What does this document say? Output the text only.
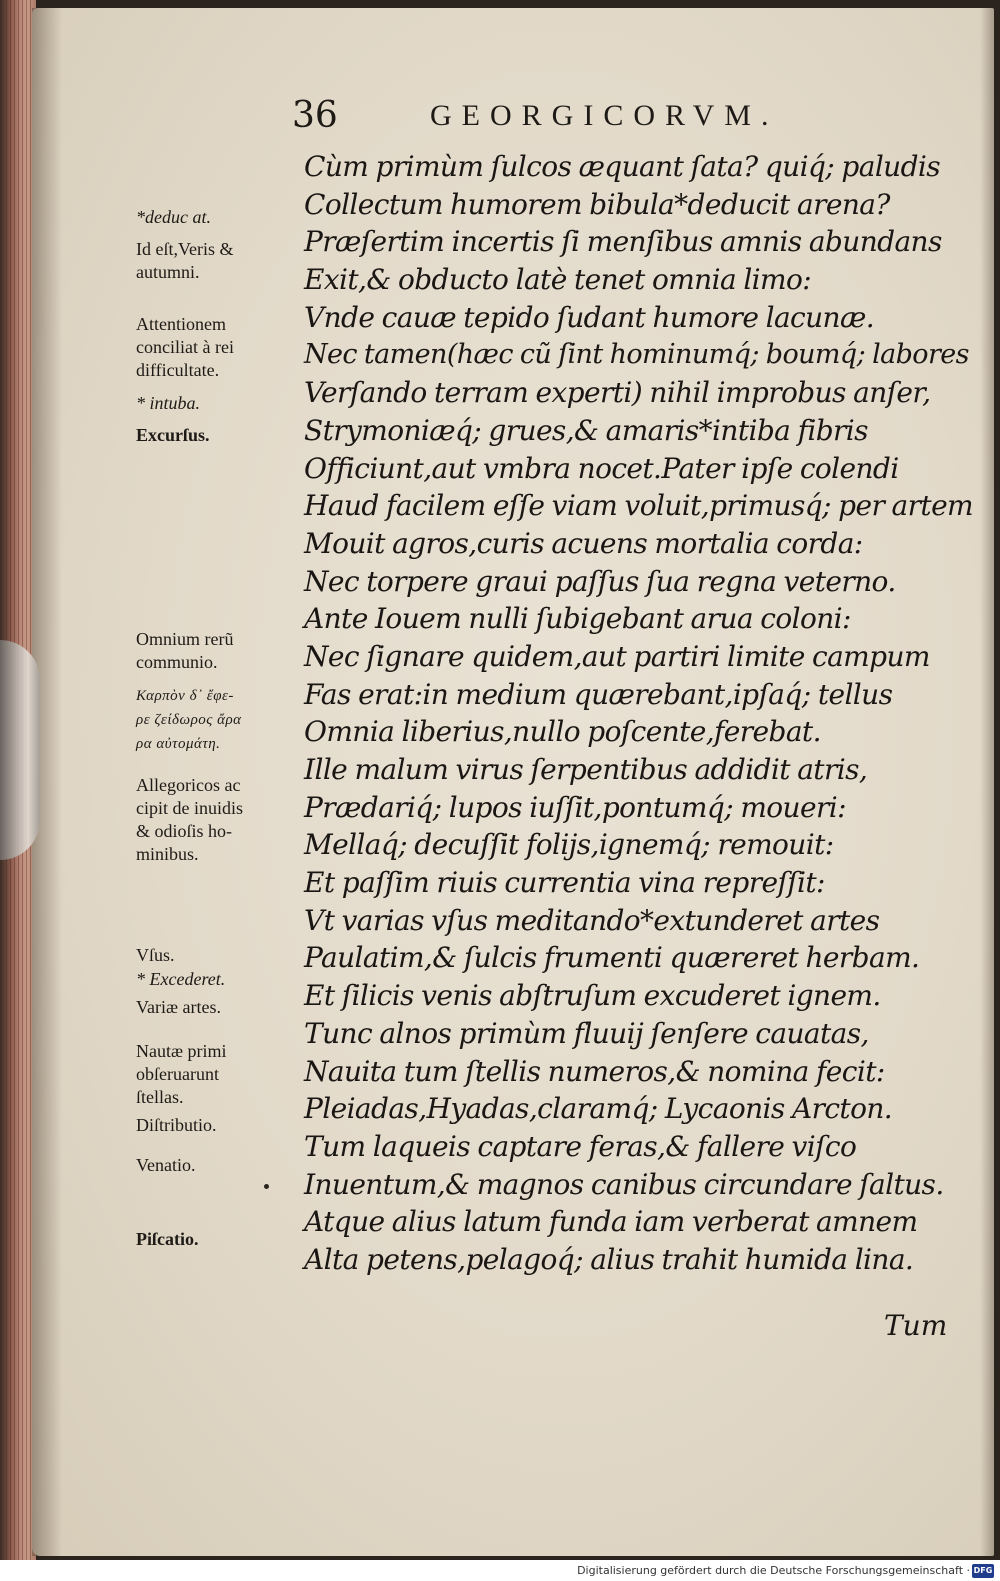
36	GEORGICORVM.

Cùm primùm ſulcos æquant ſata? quiq́; paludis
Collectum humorem bibula*deducit arena?
Præſertim incertis ſi menſibus amnis abundans
Exit,& obducto latè tenet omnia limo:
Vnde cauæ tepido ſudant humore lacunæ.
Nec tamen(hæc cũ ſint hominumq́; boumq́; labores
Verſando terram experti) nihil improbus anſer,
Strymoniæq́; grues,& amaris*intiba fibris
Officiunt,aut vmbra nocet.Pater ipſe colendi
Haud facilem eſſe viam voluit,primusq́; per artem
Mouit agros,curis acuens mortalia corda:
Nec torpere graui paſſus ſua regna veterno.
Ante Iouem nulli ſubigebant arua coloni:
Nec ſignare quidem,aut partiri limite campum
Fas erat:in medium quærebant,ipſaq́; tellus
Omnia liberius,nullo poſcente,ferebat.
Ille malum virus ſerpentibus addidit atris,
Prædariq́; lupos iuſſit,pontumq́; moueri:
Mellaq́; decuſſit folijs,ignemq́; remouit:
Et paſſim riuis currentia vina repreſſit:
Vt varias vſus meditando*extunderet artes
Paulatim,& ſulcis frumenti quæreret herbam.
Et ſilicis venis abſtruſum excuderet ignem.
Tunc alnos primùm fluuij ſenſere cauatas,
Nauita tum ſtellis numeros,& nomina fecit:
Pleiadas,Hyadas,claramq́; Lycaonis Arcton.
Tum laqueis captare feras,& fallere viſco
Inuentum,& magnos canibus circundare ſaltus.
Atque alius latum funda iam verberat amnem
Alta petens,pelagoq́; alius trahit humida lina.

Tum

*deduc at.

Id eſt,Veris &
autumni.

Attentionem
conciliat à rei
difficultate.

* intuba.

Excurſus.

Omnium rerũ
communio.

Καρπὸν δ᾽ ἔφε-
ρε ζείδωρος ἄρα
ρα αὐτομάτη.

Allegoricos ac
cipit de inuidis
& odioſis ho-
minibus.

Vſus.

* Excederet.

Variæ artes.

Nautæ primi
obſeruarunt
ſtellas.

Diſtributio.

Venatio.

Piſcatio.

Digitalisierung gefördert durch die Deutsche Forschungsgemeinschaft · DFG
